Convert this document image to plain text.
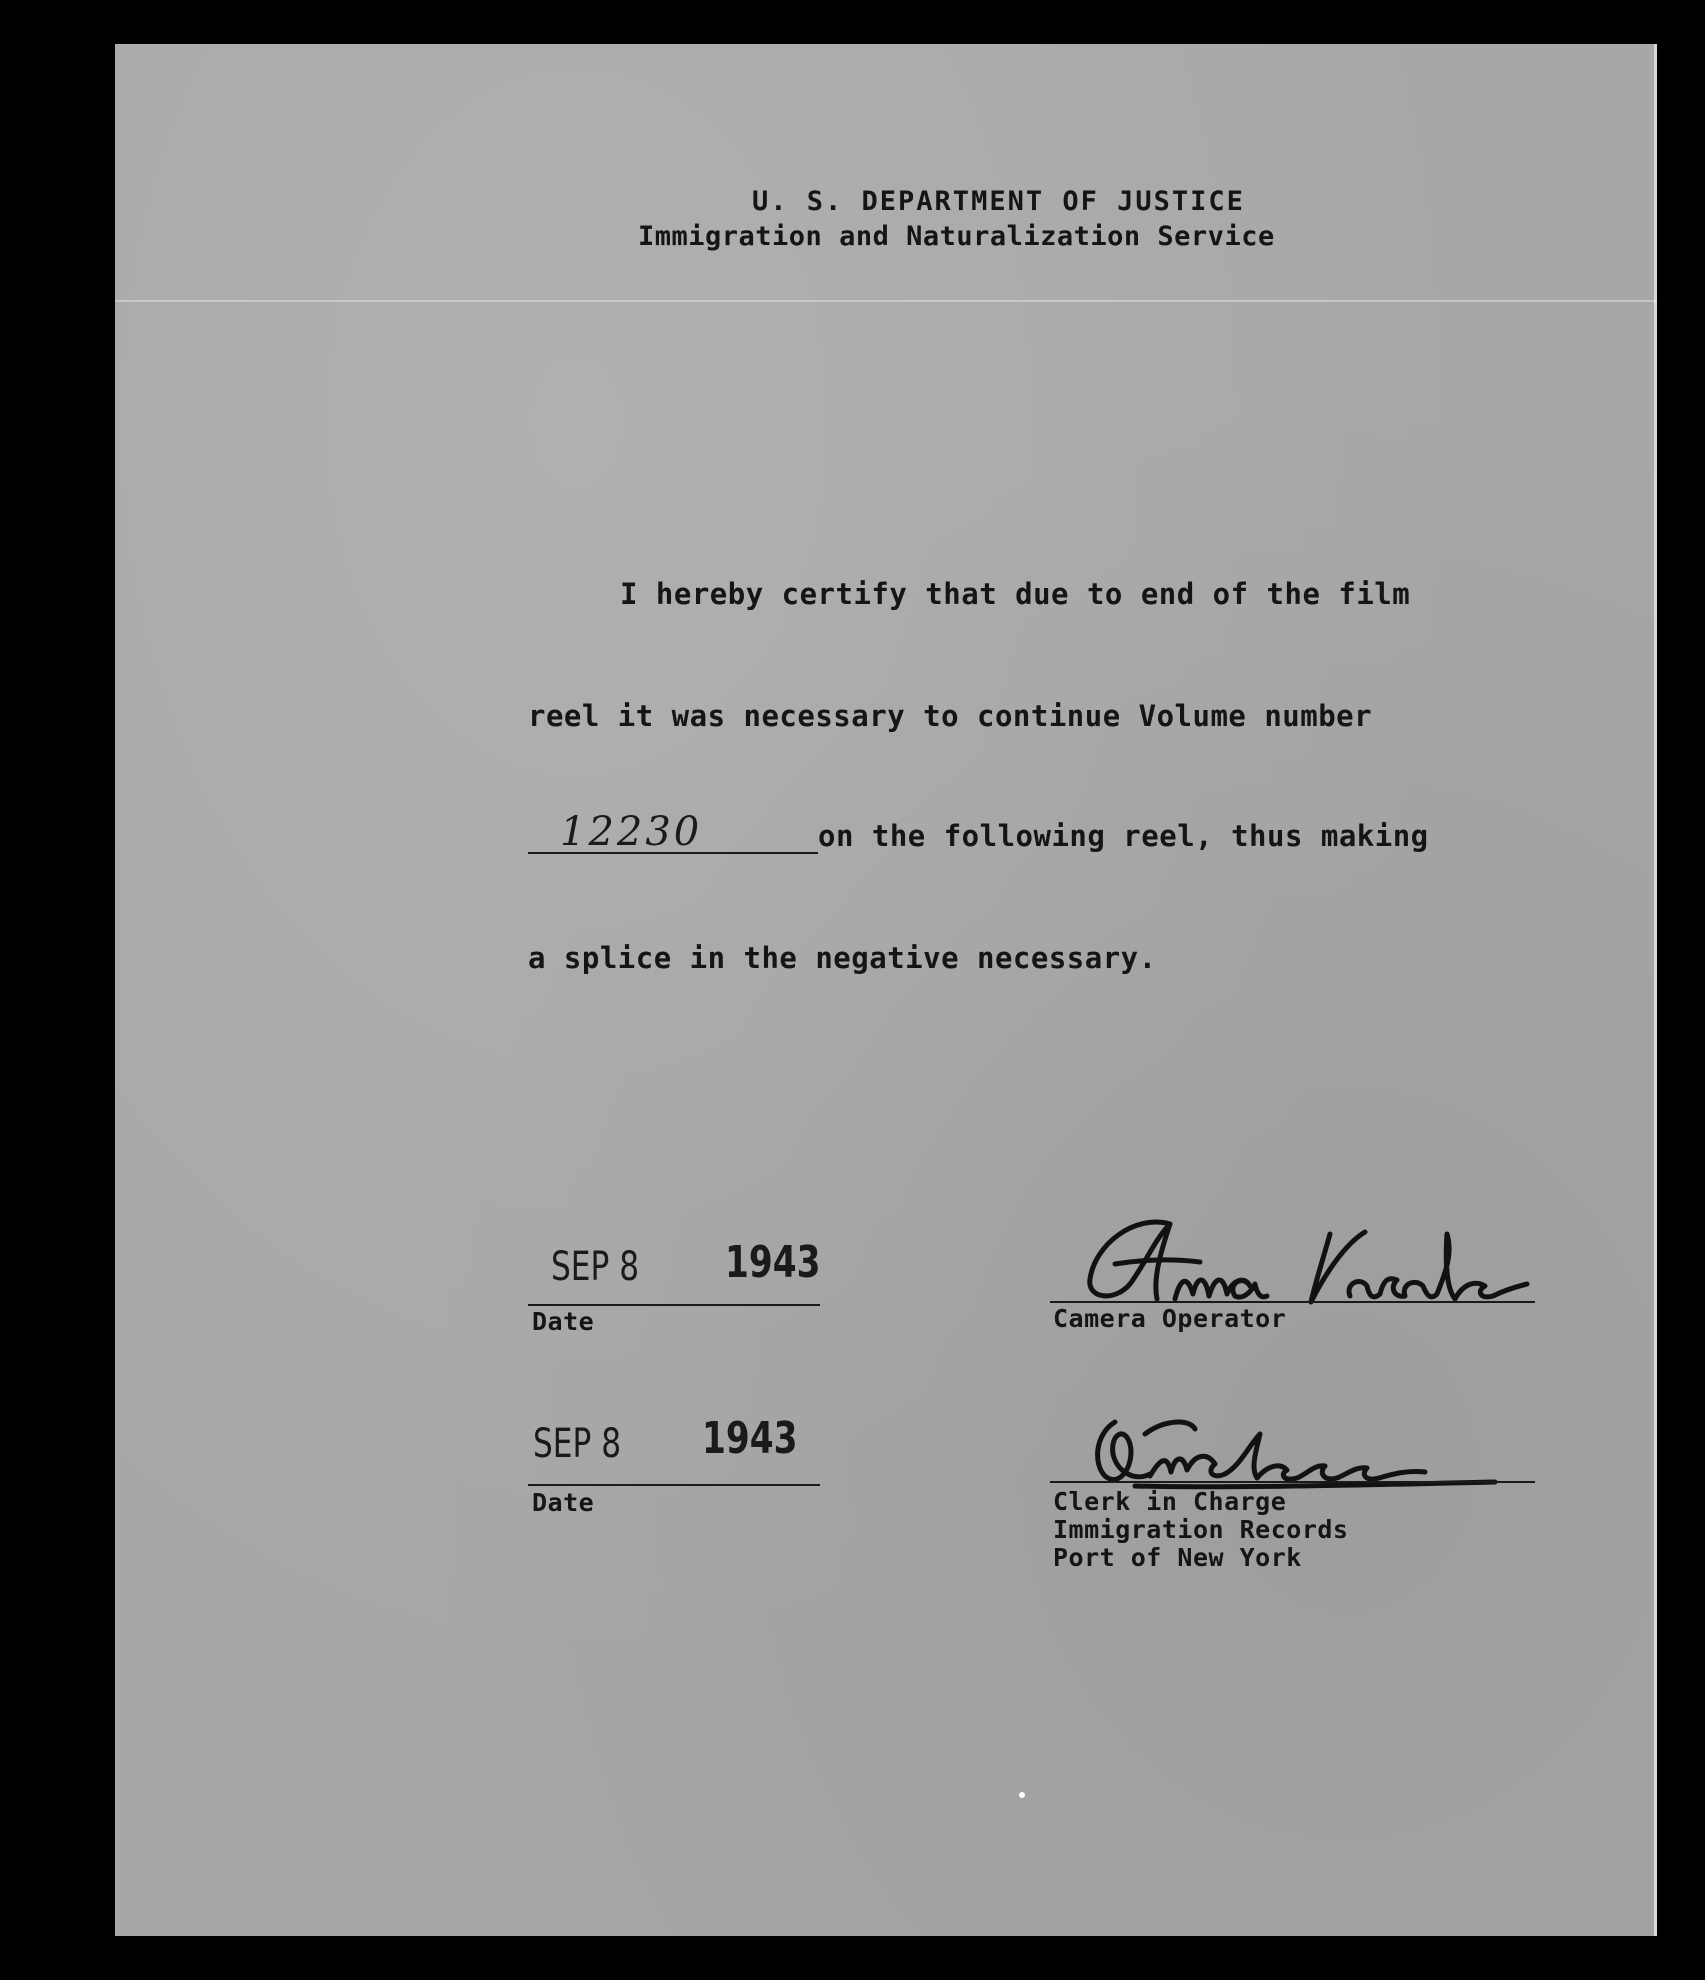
U. S. DEPARTMENT OF JUSTICE
Immigration and Naturalization Service
I hereby certify that due to end of the film
reel it was necessary to continue Volume number
12230	on the following reel, thus making
a splice in the negative necessary.
SEP 8 1943
Date
SEP 8 1943
Date
Camera Operator
Clerk in Charge
Immigration Records
Port of New York
